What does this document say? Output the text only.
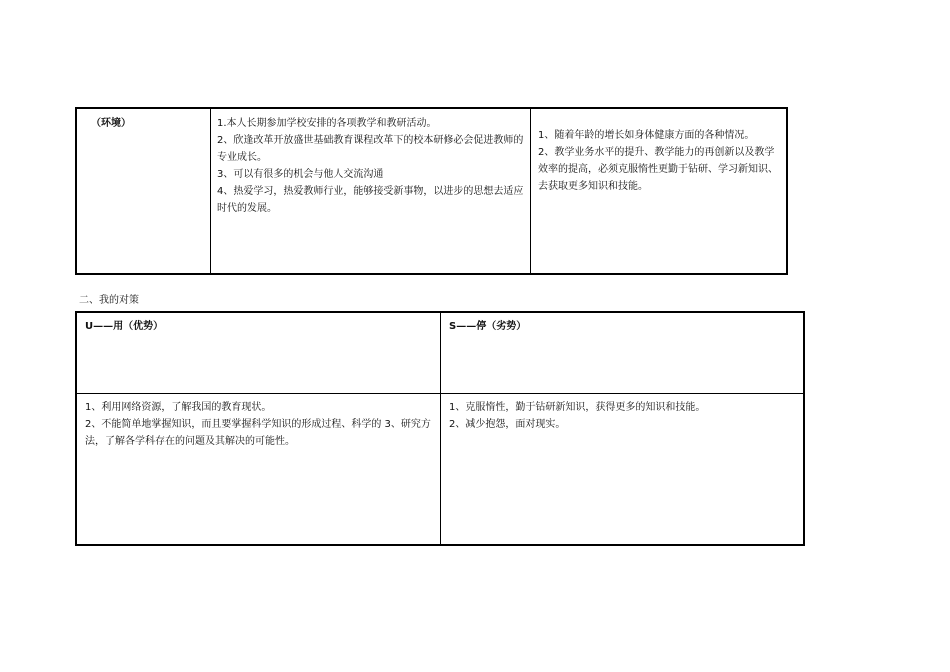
（环境）	1.本人长期参加学校安排的各项教学和教研活动。
2、欣逢改革开放盛世基础教育课程改革下的校本研修必会促进教师的专业成长。
3、可以有很多的机会与他人交流沟通
4、热爱学习，热爱教师行业，能够接受新事物，以进步的思想去适应时代的发展。
1、随着年龄的增长如身体健康方面的各种情况。
2、教学业务水平的提升、教学能力的再创新以及教学效率的提高，必须克服惰性更勤于钻研、学习新知识、去获取更多知识和技能。
二、我的对策
U——用（优势）	S——停（劣势）
1、利用网络资源，了解我国的教育现状。
2、不能简单地掌握知识，而且要掌握科学知识的形成过程、科学的 3、研究方法，了解各学科存在的问题及其解决的可能性。
1、克服惰性，勤于钻研新知识，获得更多的知识和技能。
2、减少抱怨，面对现实。
